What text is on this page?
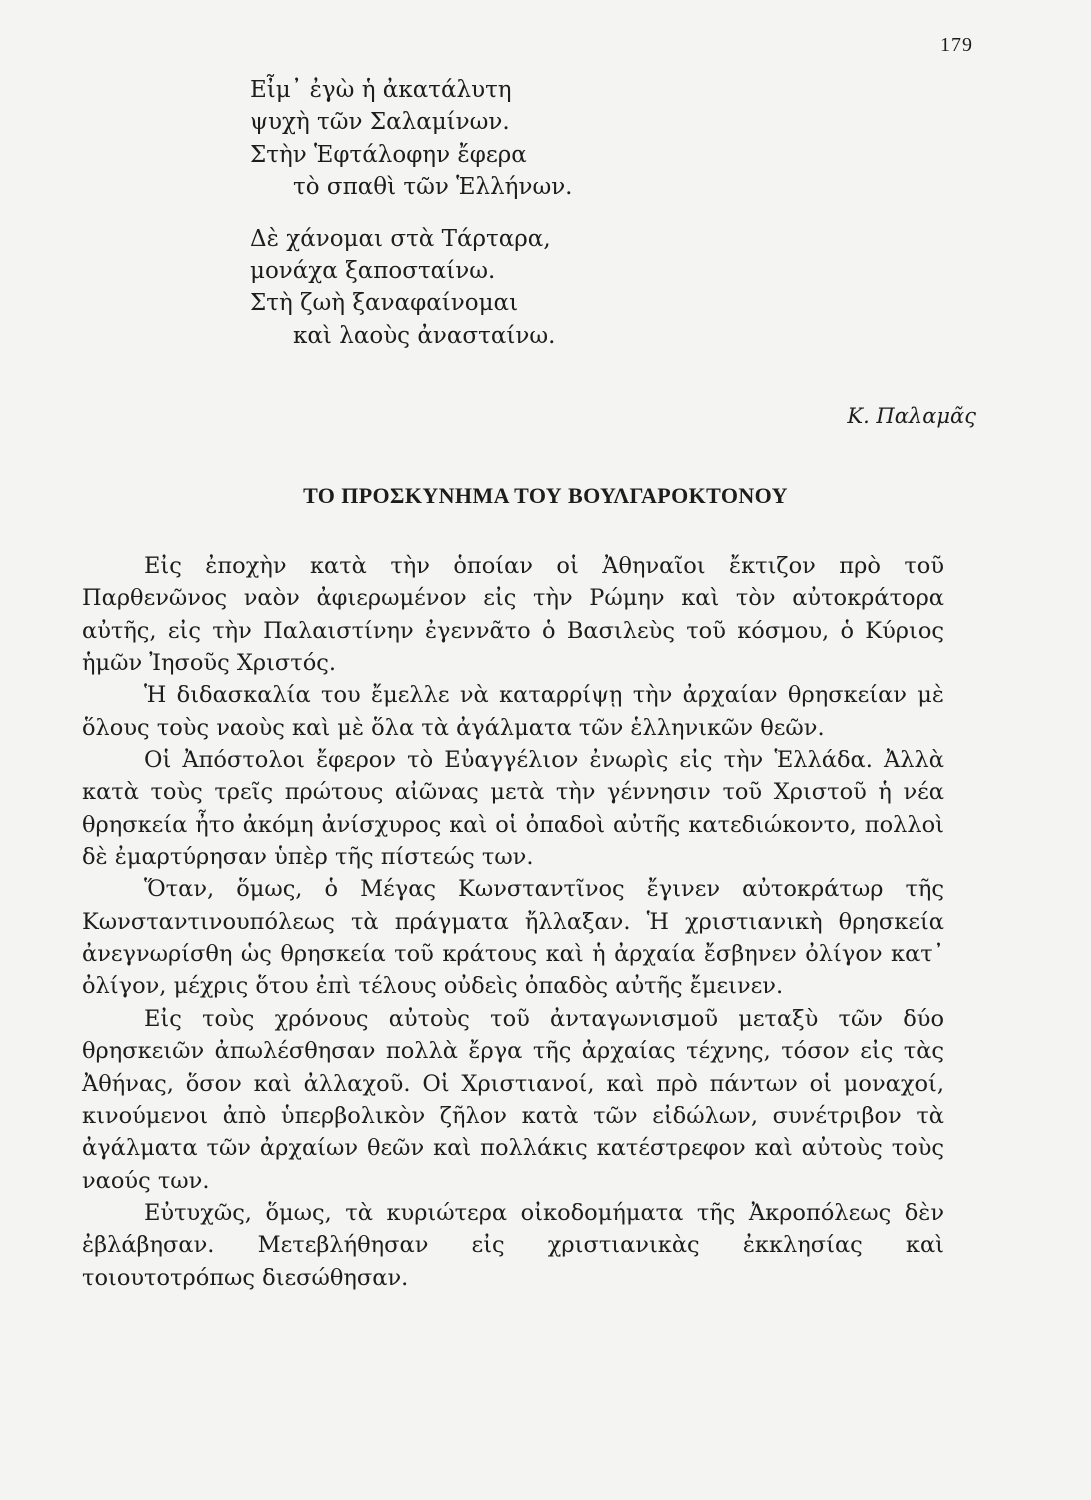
179
Εἶμ᾽ ἐγὼ ἡ ἀκατάλυτη
ψυχὴ τῶν Σαλαμίνων.
Στὴν Ἑφτάλοφην ἔφερα
τὸ σπαθὶ τῶν Ἑλλήνων.
Δὲ χάνομαι στὰ Τάρταρα,
μονάχα ξαποσταίνω.
Στὴ ζωὴ ξαναφαίνομαι
καὶ λαοὺς ἀνασταίνω.
Κ. Παλαμᾶς
ΤΟ ΠΡΟΣΚΥΝΗΜΑ ΤΟΥ ΒΟΥΛΓΑΡΟΚΤΟΝΟΥ

Εἰς ἐποχὴν κατὰ τὴν ὁποίαν οἱ Ἀθηναῖοι ἔκτιζον πρὸ τοῦ Παρθενῶνος ναὸν ἀφιερωμένον εἰς τὴν Ρώμην καὶ τὸν αὐτοκράτορα αὐτῆς, εἰς τὴν Παλαιστίνην ἐγεννᾶτο ὁ Βασιλεὺς τοῦ κόσμου, ὁ Κύριος ἡμῶν Ἰησοῦς Χριστός.

Ἡ διδασκαλία του ἔμελλε νὰ καταρρίψῃ τὴν ἀρχαίαν θρησκείαν μὲ ὅλους τοὺς ναοὺς καὶ μὲ ὅλα τὰ ἀγάλματα τῶν ἑλληνικῶν θεῶν.

Οἱ Ἀπόστολοι ἔφερον τὸ Εὐαγγέλιον ἐνωρὶς εἰς τὴν Ἑλλάδα. Ἀλλὰ κατὰ τοὺς τρεῖς πρώτους αἰῶνας μετὰ τὴν γέννησιν τοῦ Χριστοῦ ἡ νέα θρησκεία ἦτο ἀκόμη ἀνίσχυρος καὶ οἱ ὀπαδοὶ αὐτῆς κατεδιώκοντο, πολλοὶ δὲ ἐμαρτύρησαν ὑπὲρ τῆς πίστεώς των.

Ὅταν, ὅμως, ὁ Μέγας Κωνσταντῖνος ἔγινεν αὐτοκράτωρ τῆς Κωνσταντινουπόλεως τὰ πράγματα ἤλλαξαν. Ἡ χριστιανικὴ θρησκεία ἀνεγνωρίσθη ὡς θρησκεία τοῦ κράτους καὶ ἡ ἀρχαία ἔσβηνεν ὀλίγον κατ᾽ ὀλίγον, μέχρις ὅτου ἐπὶ τέλους οὐδεὶς ὀπαδὸς αὐτῆς ἔμεινεν.

Εἰς τοὺς χρόνους αὐτοὺς τοῦ ἀνταγωνισμοῦ μεταξὺ τῶν δύο θρησκειῶν ἀπωλέσθησαν πολλὰ ἔργα τῆς ἀρχαίας τέχνης, τόσον εἰς τὰς Ἀθήνας, ὅσον καὶ ἀλλαχοῦ. Οἱ Χριστιανοί, καὶ πρὸ πάντων οἱ μοναχοί, κινούμενοι ἀπὸ ὑπερβολικὸν ζῆλον κατὰ τῶν εἰδώλων, συνέτριβον τὰ ἀγάλματα τῶν ἀρχαίων θεῶν καὶ πολλάκις κατέστρεφον καὶ αὐτοὺς τοὺς ναούς των.

Εὐτυχῶς, ὅμως, τὰ κυριώτερα οἰκοδομήματα τῆς Ἀκροπόλεως δὲν ἐβλάβησαν. Μετεβλήθησαν εἰς χριστιανικὰς ἐκκλησίας καὶ τοιουτοτρόπως διεσώθησαν.
